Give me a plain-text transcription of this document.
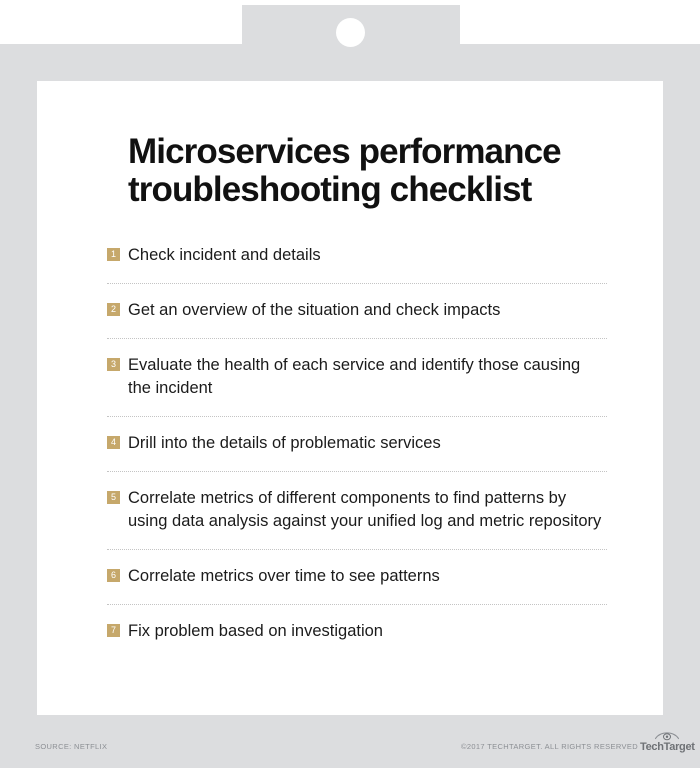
Microservices performance
troubleshooting checklist
1 Check incident and details
2 Get an overview of the situation and check impacts
3 Evaluate the health of each service and identify those causing the incident
4 Drill into the details of problematic services
5 Correlate metrics of different components to find patterns by using data analysis against your unified log and metric repository
6 Correlate metrics over time to see patterns
7 Fix problem based on investigation
SOURCE: NETFLIX	©2017 TECHTARGET. ALL RIGHTS RESERVED TechTarget
